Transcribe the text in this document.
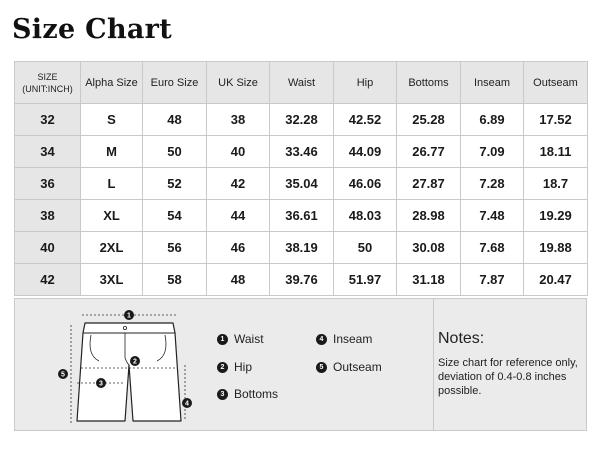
Size Chart
SIZE
(UNIT:INCH)	Alpha Size	Euro Size	UK Size	Waist	Hip	Bottoms	Inseam	Outseam
32	S	48	38	32.28	42.52	25.28	6.89	17.52
34	M	50	40	33.46	44.09	26.77	7.09	18.11
36	L	52	42	35.04	46.06	27.87	7.28	18.7
38	XL	54	44	36.61	48.03	28.98	7.48	19.29
40	2XL	56	46	38.19	50	30.08	7.68	19.88
42	3XL	58	48	39.76	51.97	31.18	7.87	20.47
1
2
3
4
5
1 Waist
2 Hip
3 Bottoms
4 Inseam
5 Outseam
Notes:
Size chart for reference only, deviation of 0.4-0.8 inches possible.
